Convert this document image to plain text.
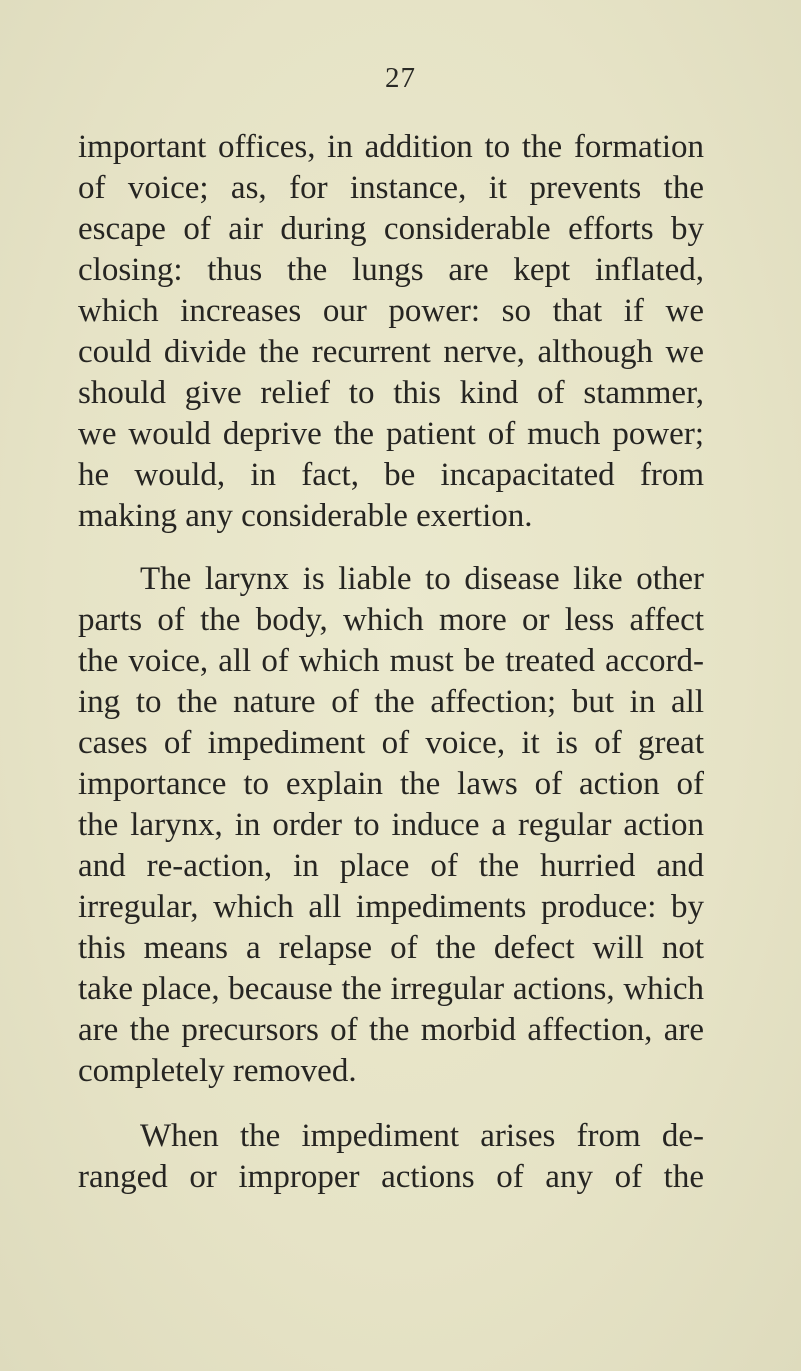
27
important offices, in addition to the formation
of voice; as, for instance, it prevents the
escape of air during considerable efforts by
closing: thus the lungs are kept inflated,
which increases our power: so that if we
could divide the recurrent nerve, although we
should give relief to this kind of stammer,
we would deprive the patient of much power;
he would, in fact, be incapacitated from
making any considerable exertion.
The larynx is liable to disease like other
parts of the body, which more or less affect
the voice, all of which must be treated accord-
ing to the nature of the affection; but in all
cases of impediment of voice, it is of great
importance to explain the laws of action of
the larynx, in order to induce a regular action
and re-action, in place of the hurried and
irregular, which all impediments produce: by
this means a relapse of the defect will not
take place, because the irregular actions, which
are the precursors of the morbid affection, are
completely removed.
When the impediment arises from de-
ranged or improper actions of any of the
